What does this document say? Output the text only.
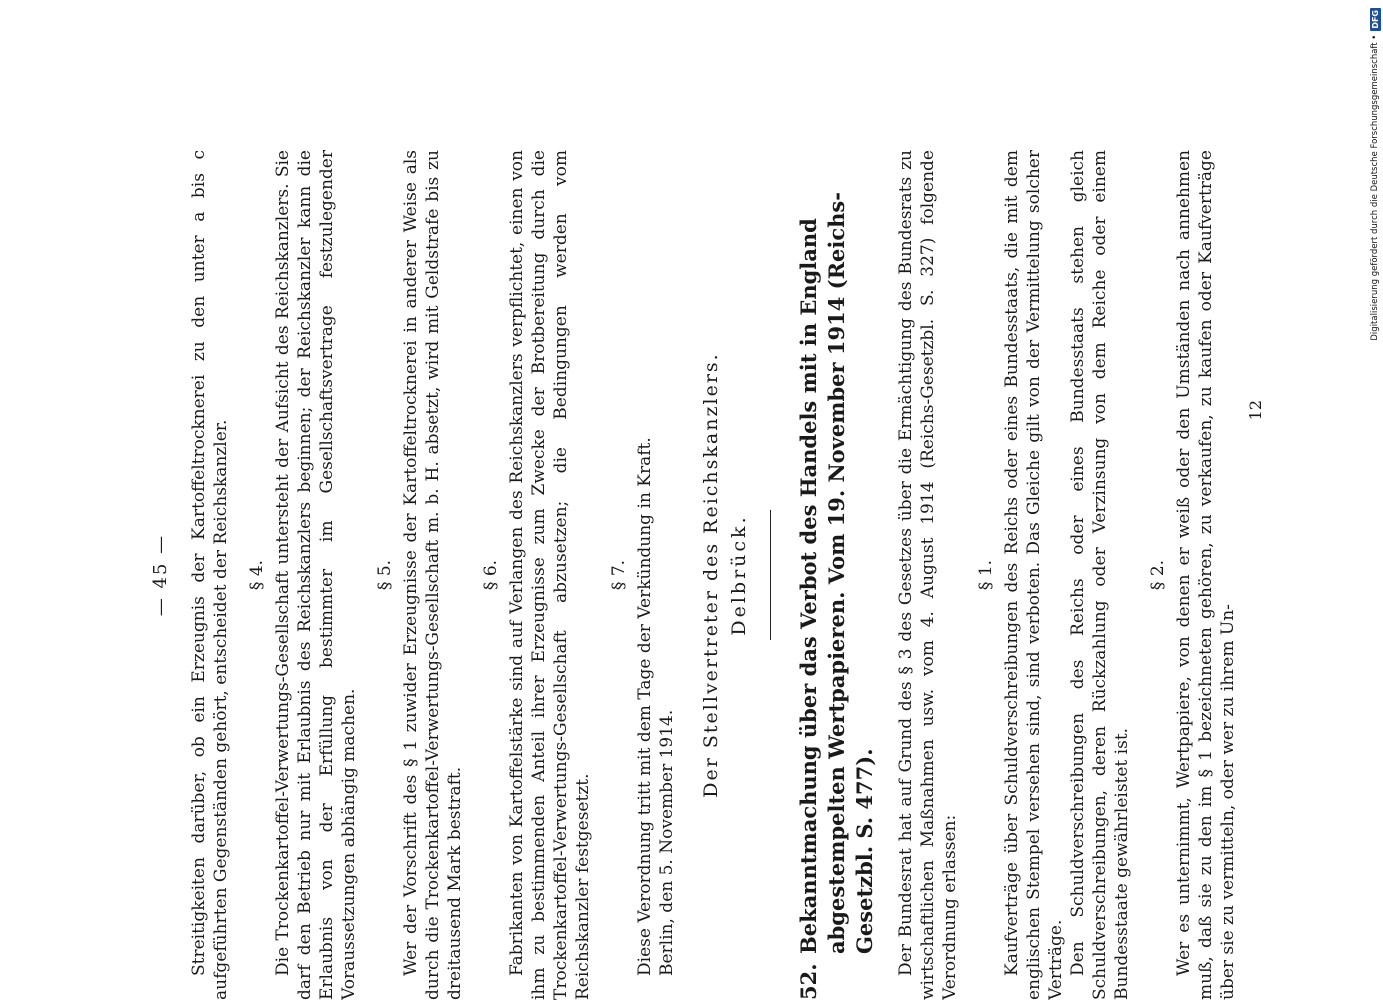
— 45 — Streitigkeiten darüber, ob ein Erzeugnis der Kartoffeltrocknerei zu den unter a bis c aufgeführten Gegenständen gehört, entscheidet der Reichskanzler. § 4. Die Trockenkartoffel-Verwertungs-Gesellschaft untersteht der Aufsicht des Reichskanzlers. Sie darf den Betrieb nur mit Erlaubnis des Reichskanzlers beginnen; der Reichskanzler kann die Erlaubnis von der Erfüllung bestimmter im Gesellschaftsvertrage festzulegender Voraussetzungen abhängig machen.

§ 5. Wer der Vorschrift des § 1 zuwider Erzeugnisse der Kartoffeltrocknerei in anderer Weise als durch die Trockenkartoffel-Verwertungs-Gesellschaft m. b. H. absetzt, wird mit Geldstrafe bis zu dreitausend Mark bestraft.

§ 6. Fabrikanten von Kartoffelstärke sind auf Verlangen des Reichskanzlers verpflichtet, einen von ihm zu bestimmenden Anteil ihrer Erzeugnisse zum Zwecke der Brotbereitung durch die Trockenkartoffel-Verwertungs-Gesellschaft abzusetzen; die Bedingungen werden vom Reichskanzler festgesetzt.

§ 7. Diese Verordnung tritt mit dem Tage der Verkündung in Kraft. Berlin, den 5. November 1914.

Der Stellvertreter des Reichskanzlers. Delbrück.

52.Bekanntmachung über das Verbot des Handels mit in England abgestempelten Wertpapieren. Vom 19. November 1914 (Reichs-Gesetzbl. S. 477). Der Bundesrat hat auf Grund des § 3 des Gesetzes über die Ermächtigung des Bundesrats zu wirtschaftlichen Maßnahmen usw. vom 4. August 1914 (Reichs-Gesetzbl. S. 327) folgende Verordnung erlassen:

§ 1. Kaufverträge über Schuldverschreibungen des Reichs oder eines Bundesstaats, die mit dem englischen Stempel versehen sind, sind verboten. Das Gleiche gilt von der Vermittelung solcher Verträge. Den Schuldverschreibungen des Reichs oder eines Bundesstaats stehen gleich Schuldverschreibungen, deren Rückzahlung oder Verzinsung von dem Reiche oder einem Bundesstaate gewährleistet ist.

§ 2. Wer es unternimmt, Wertpapiere, von denen er weiß oder den Umständen nach annehmen muß, daß sie zu den im § 1 bezeichneten gehören, zu verkaufen, zu kaufen oder Kaufverträge über sie zu vermitteln, oder wer zu ihrem Un-

12
Digitalisierung gefördert durch die Deutsche Forschungsgemeinschaft •
DFG
